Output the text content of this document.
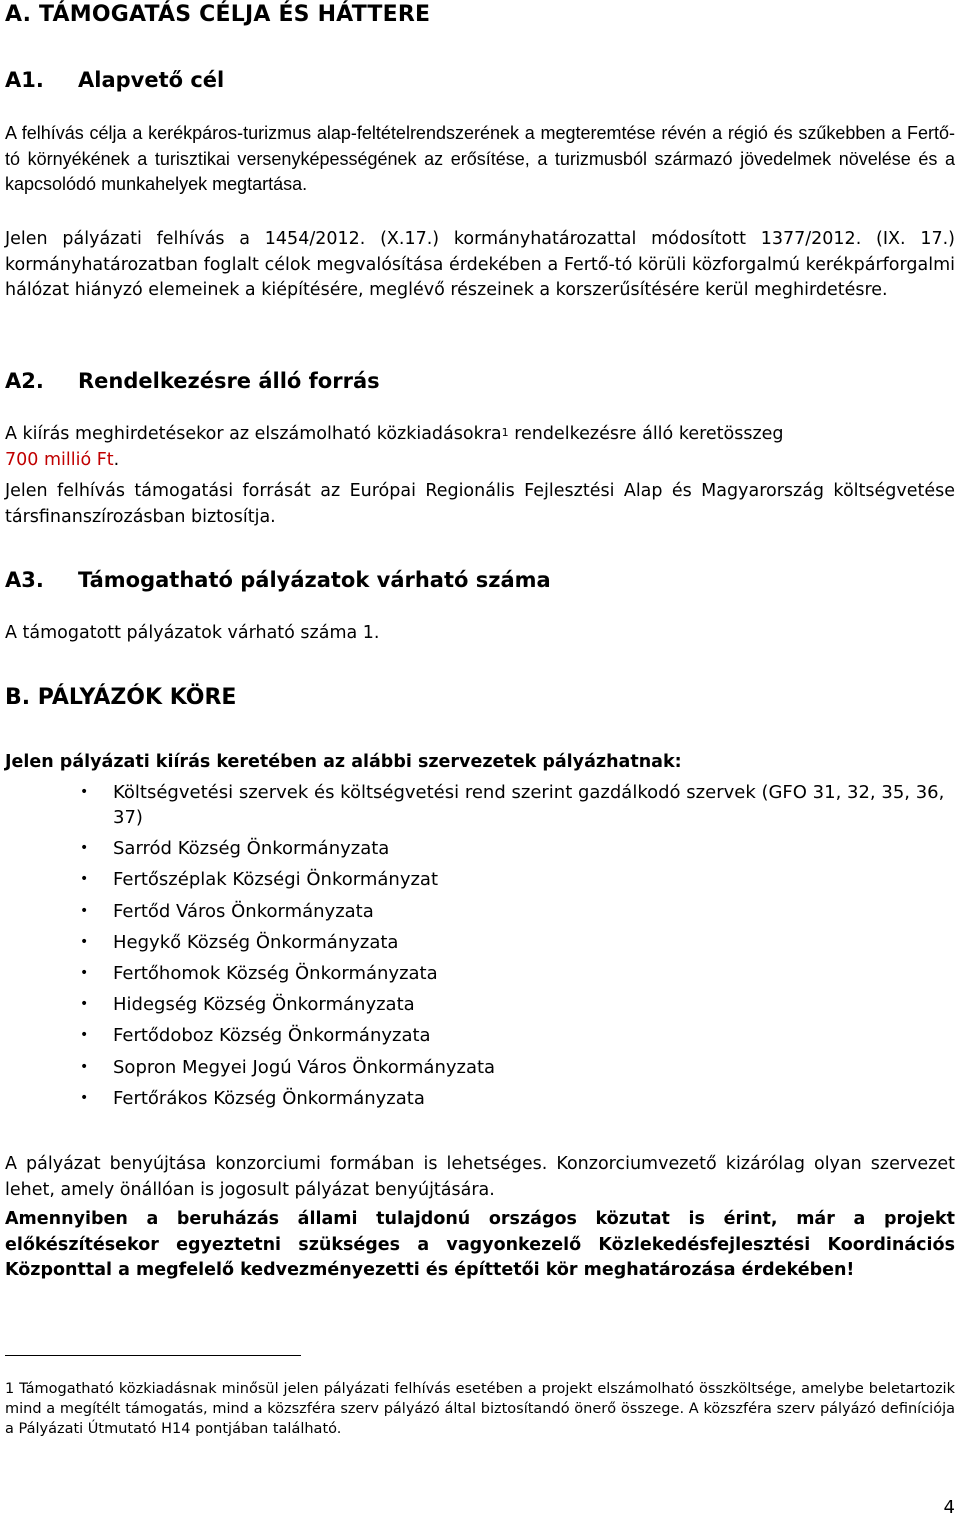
A. TÁMOGATÁS CÉLJA ÉS HÁTTERE
A1. Alapvető cél
A felhívás célja a kerékpáros-turizmus alap-feltételrendszerének a megteremtése révén a régió és szűkebben a Fertő-tó környékének a turisztikai versenyképességének az erősítése, a turizmusból származó jövedelmek növelése és a kapcsolódó munkahelyek megtartása.
Jelen pályázati felhívás a 1454/2012. (X.17.) kormányhatározattal módosított 1377/2012. (IX. 17.) kormányhatározatban foglalt célok megvalósítása érdekében a Fertő-tó körüli közforgalmú kerékpárforgalmi hálózat hiányzó elemeinek a kiépítésére, meglévő részeinek a korszerűsítésére kerül meghirdetésre.
A2. Rendelkezésre álló forrás
A kiírás meghirdetésekor az elszámolható közkiadásokra$^1$ rendelkezésre álló keretösszeg
700 millió Ft.
Jelen felhívás támogatási forrását az Európai Regionális Fejlesztési Alap és Magyarország költségvetése társfinanszírozásban biztosítja.
A3. Támogatható pályázatok várható száma
A támogatott pályázatok várható száma 1.
B. PÁLYÁZÓK KÖRE
Jelen pályázati kiírás keretében az alábbi szervezetek pályázhatnak:
• Költségvetési szervek és költségvetési rend szerint gazdálkodó szervek (GFO 31, 32, 35, 36, 37)
• Sarród Község Önkormányzata
• Fertőszéplak Községi Önkormányzat
• Fertőd Város Önkormányzata
• Hegykő Község Önkormányzata
• Fertőhomok Község Önkormányzata
• Hidegség Község Önkormányzata
• Fertődoboz Község Önkormányzata
• Sopron Megyei Jogú Város Önkormányzata
• Fertőrákos Község Önkormányzata
A pályázat benyújtása konzorciumi formában is lehetséges. Konzorciumvezető kizárólag olyan szervezet lehet, amely önállóan is jogosult pályázat benyújtására.
Amennyiben a beruházás állami tulajdonú országos közutat is érint, már a projekt előkészítésekor egyeztetni szükséges a vagyonkezelő Közlekedésfejlesztési Koordinációs Központtal a megfelelő kedvezményezetti és építtetői kör meghatározása érdekében!
1 Támogatható közkiadásnak minősül jelen pályázati felhívás esetében a projekt elszámolható összköltsége, amelybe beletartozik mind a megítélt támogatás, mind a közszféra szerv pályázó által biztosítandó önerő összege. A közszféra szerv pályázó definíciója a Pályázati Útmutató H14 pontjában található.
4
